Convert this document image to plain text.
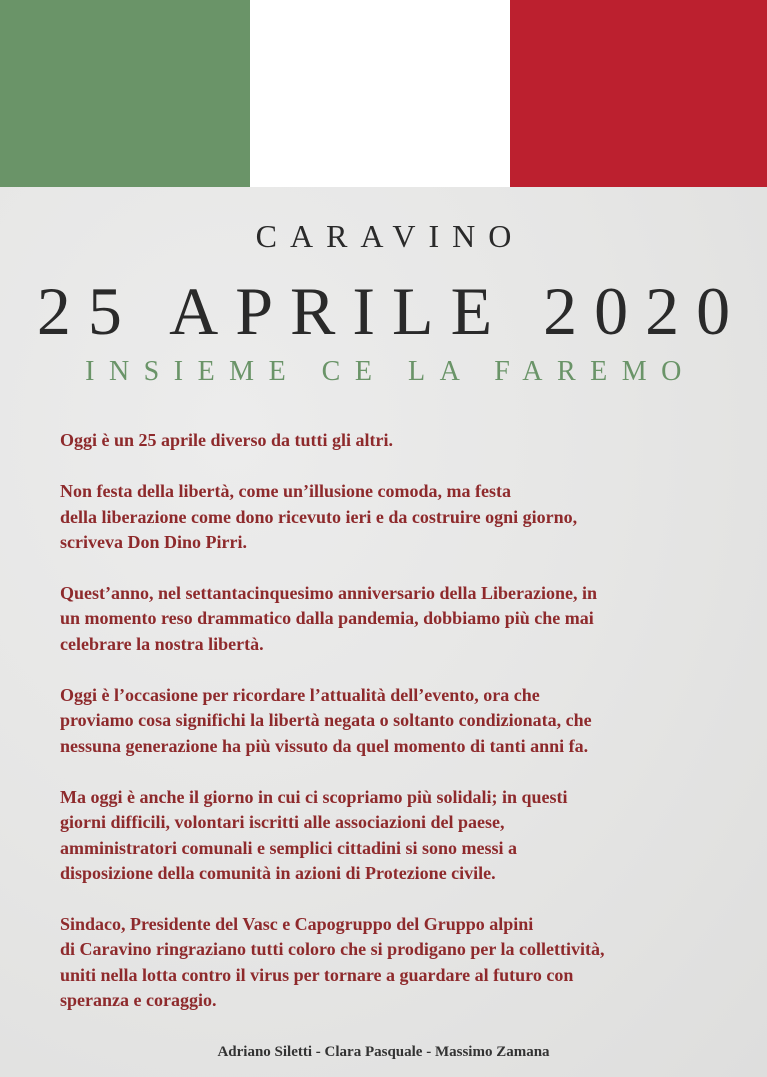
CARAVINO
25 APRILE 2020
INSIEME CE LA FAREMO
Oggi è un 25 aprile diverso da tutti gli altri.
Non festa della libertà, come un’illusione comoda, ma festa
della liberazione come dono ricevuto ieri e da costruire ogni giorno,
scriveva Don Dino Pirri.
Quest’anno, nel settantacinquesimo anniversario della Liberazione, in
un momento reso drammatico dalla pandemia, dobbiamo più che mai
celebrare la nostra libertà.
Oggi è l’occasione per ricordare l’attualità dell’evento, ora che
proviamo cosa significhi la libertà negata o soltanto condizionata, che
nessuna generazione ha più vissuto da quel momento di tanti anni fa.
Ma oggi è anche il giorno in cui ci scopriamo più solidali; in questi
giorni difficili, volontari iscritti alle associazioni del paese,
amministratori comunali e semplici cittadini si sono messi a
disposizione della comunità in azioni di Protezione civile.
Sindaco, Presidente del Vasc e Capogruppo del Gruppo alpini
di Caravino ringraziano tutti coloro che si prodigano per la collettività,
uniti nella lotta contro il virus per tornare a guardare al futuro con
speranza e coraggio.
Adriano Siletti - Clara Pasquale - Massimo Zamana
